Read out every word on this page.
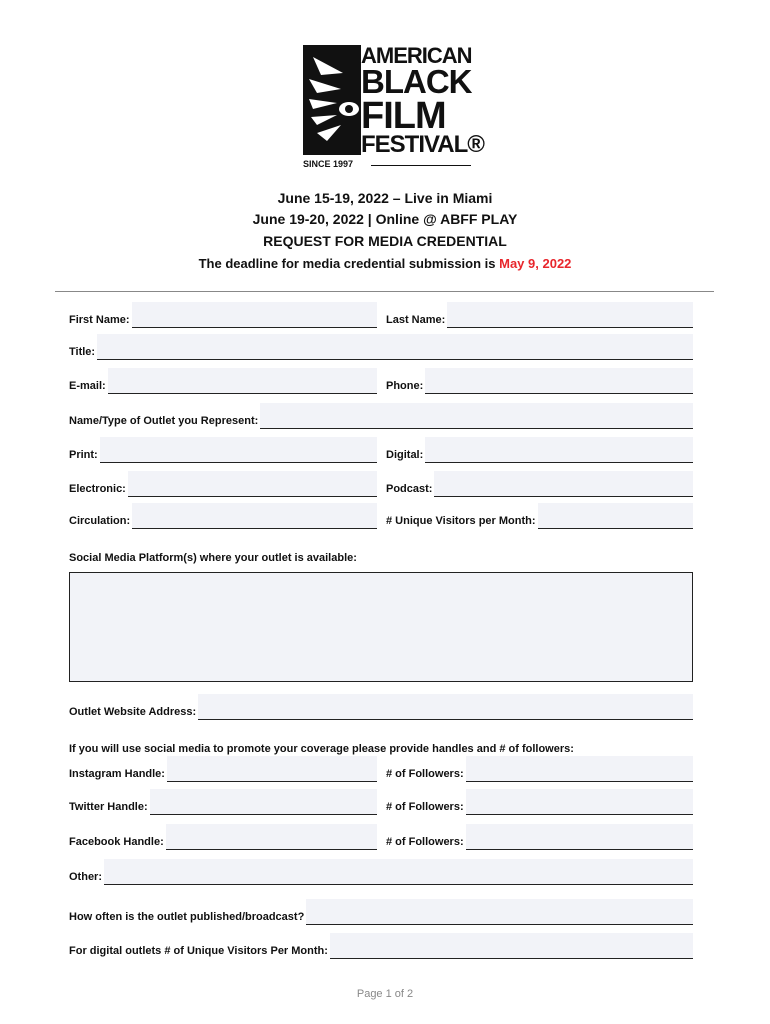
AMERICAN
BLACK
FILM
FESTIVAL®
SINCE 1997
June 15-19, 2022 – Live in Miami
June 19-20, 2022 | Online @ ABFF PLAY
REQUEST FOR MEDIA CREDENTIAL
The deadline for media credential submission is May 9, 2022
First Name:	Last Name:
Title:
E-mail:	Phone:
Name/Type of Outlet you Represent:
Print:	Digital:
Electronic:	Podcast:
Circulation:	# Unique Visitors per Month:
Social Media Platform(s) where your outlet is available:
Outlet Website Address:
If you will use social media to promote your coverage please provide handles and # of followers:
Instagram Handle:	# of Followers:
Twitter Handle:	# of Followers:
Facebook Handle:	# of Followers:
Other:
How often is the outlet published/broadcast?
For digital outlets # of Unique Visitors Per Month:
Page 1 of 2
